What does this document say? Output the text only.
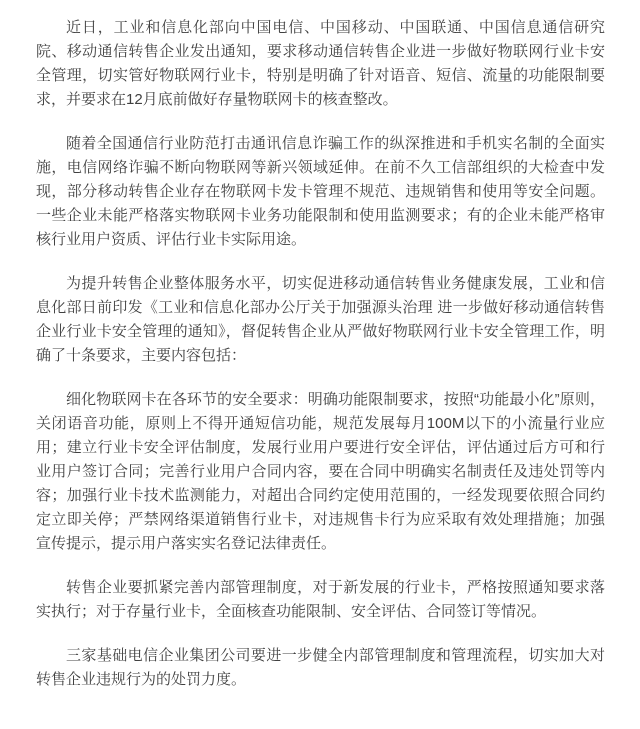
近日，工业和信息化部向中国电信、中国移动、中国联通、中国信息通信研究院、移动通信转售企业发出通知，要求移动通信转售企业进一步做好物联网行业卡安全管理，切实管好物联网行业卡，特别是明确了针对语音、短信、流量的功能限制要求，并要求在12月底前做好存量物联网卡的核查整改。

随着全国通信行业防范打击通讯信息诈骗工作的纵深推进和手机实名制的全面实施，电信网络诈骗不断向物联网等新兴领域延伸。在前不久工信部组织的大检查中发现，部分移动转售企业存在物联网卡发卡管理不规范、违规销售和使用等安全问题。一些企业未能严格落实物联网卡业务功能限制和使用监测要求；有的企业未能严格审核行业用户资质、评估行业卡实际用途。

为提升转售企业整体服务水平，切实促进移动通信转售业务健康发展，工业和信息化部日前印发《工业和信息化部办公厅关于加强源头治理 进一步做好移动通信转售企业行业卡安全管理的通知》，督促转售企业从严做好物联网行业卡安全管理工作，明确了十条要求，主要内容包括：

细化物联网卡在各环节的安全要求：明确功能限制要求，按照“功能最小化”原则，关闭语音功能，原则上不得开通短信功能，规范发展每月100M以下的小流量行业应用；建立行业卡安全评估制度，发展行业用户要进行安全评估，评估通过后方可和行业用户签订合同；完善行业用户合同内容，要在合同中明确实名制责任及违处罚等内容；加强行业卡技术监测能力，对超出合同约定使用范围的，一经发现要依照合同约定立即关停；严禁网络渠道销售行业卡，对违规售卡行为应采取有效处理措施；加强宣传提示，提示用户落实实名登记法律责任。

转售企业要抓紧完善内部管理制度，对于新发展的行业卡，严格按照通知要求落实执行；对于存量行业卡，全面核查功能限制、安全评估、合同签订等情况。

三家基础电信企业集团公司要进一步健全内部管理制度和管理流程，切实加大对转售企业违规行为的处罚力度。
